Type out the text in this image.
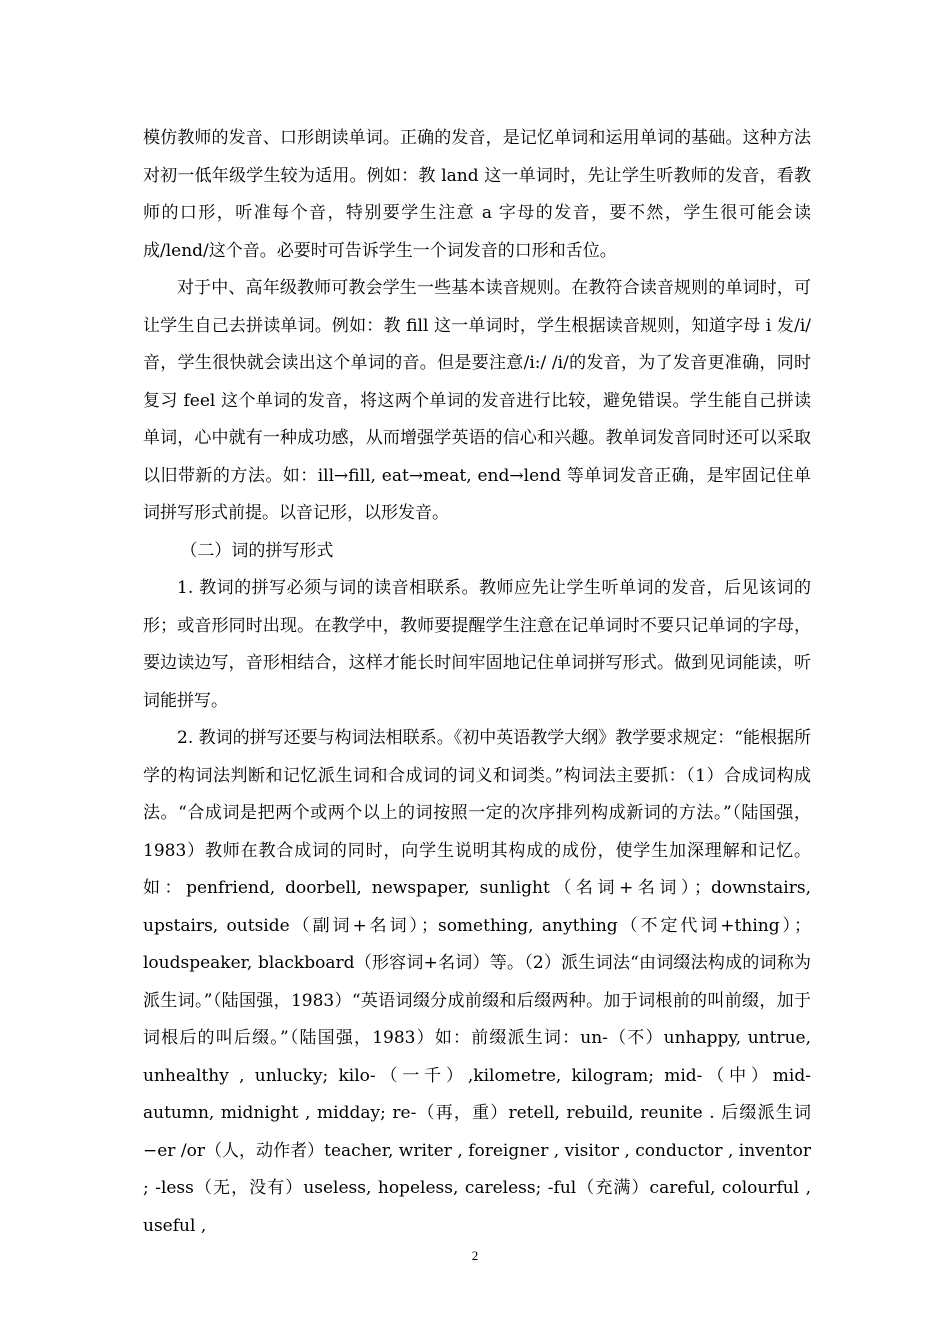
模仿教师的发音、口形朗读单词。正确的发音，是记忆单词和运用单词的基础。这种方法对初一低年级学生较为适用。例如：教 land 这一单词时，先让学生听教师的发音，看教师的口形，听准每个音，特别要学生注意 a 字母的发音，要不然，学生很可能会读成/lend/这个音。必要时可告诉学生一个词发音的口形和舌位。

对于中、高年级教师可教会学生一些基本读音规则。在教符合读音规则的单词时，可让学生自己去拼读单词。例如：教 fill 这一单词时，学生根据读音规则，知道字母 i 发/i/音，学生很快就会读出这个单词的音。但是要注意/i:/ /i/的发音，为了发音更准确，同时复习 feel 这个单词的发音，将这两个单词的发音进行比较，避免错误。学生能自己拼读单词，心中就有一种成功感，从而增强学英语的信心和兴趣。教单词发音同时还可以采取以旧带新的方法。如：ill→fill, eat→meat, end→lend 等单词发音正确，是牢固记住单词拼写形式前提。以音记形，以形发音。

（二）词的拼写形式

1. 教词的拼写必须与词的读音相联系。教师应先让学生听单词的发音，后见该词的形；或音形同时出现。在教学中，教师要提醒学生注意在记单词时不要只记单词的字母，要边读边写，音形相结合，这样才能长时间牢固地记住单词拼写形式。做到见词能读，听词能拼写。

2. 教词的拼写还要与构词法相联系。《初中英语教学大纲》教学要求规定：“能根据所学的构词法判断和记忆派生词和合成词的词义和词类。”构词法主要抓：（1）合成词构成法。“合成词是把两个或两个以上的词按照一定的次序排列构成新词的方法。”（陆国强，1983）教师在教合成词的同时，向学生说明其构成的成份，使学生加深理解和记忆。如：penfriend, doorbell, newspaper, sunlight（名词+名词）；downstairs, upstairs, outside（副词+名词）；something, anything（不定代词+thing）；loudspeaker, blackboard（形容词+名词）等。（2）派生词法“由词缀法构成的词称为派生词。”（陆国强，1983）“英语词缀分成前缀和后缀两种。加于词根前的叫前缀，加于词根后的叫后缀。”（陆国强，1983）如：前缀派生词：un-（不）unhappy, untrue, unhealthy , unlucky; kilo-（一千）,kilometre, kilogram; mid-（中）mid-autumn, midnight , midday; re-（再，重）retell, rebuild, reunite . 后缀派生词−er /or（人，动作者）teacher, writer , foreigner , visitor , conductor , inventor ; -less（无，没有）useless, hopeless, careless; -ful（充满）careful, colourful , useful ,

2
